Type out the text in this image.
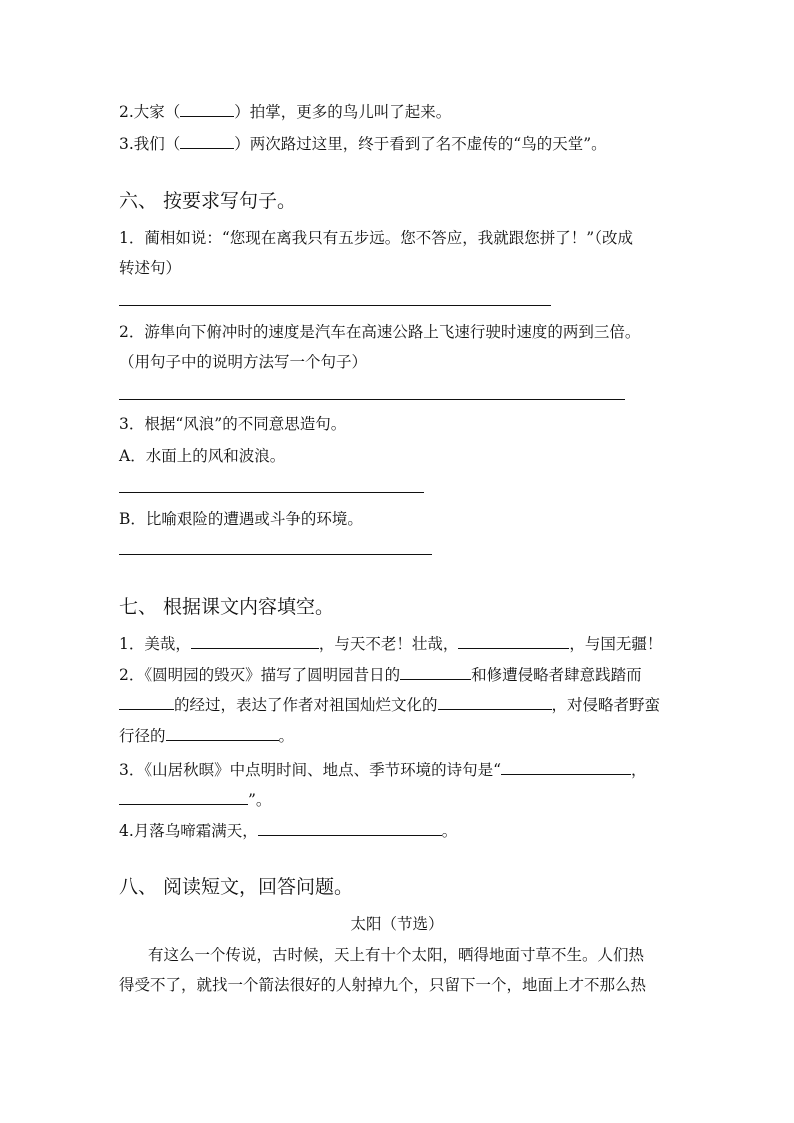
2.大家（	）拍掌，更多的鸟儿叫了起来。
3.我们（	）两次路过这里，终于看到了名不虚传的“鸟的天堂”。
六、 按要求写句子。
1．蔺相如说：“您现在离我只有五步远。您不答应，我就跟您拼了！”（改成
转述句）
2．游隼向下俯冲时的速度是汽车在高速公路上飞速行驶时速度的两到三倍。
（用句子中的说明方法写一个句子）
3．根据“风浪”的不同意思造句。
A．水面上的风和波浪。
B．比喻艰险的遭遇或斗争的环境。
七、 根据课文内容填空。
1．美哉，	，与天不老！壮哉，	，与国无疆！
2．《圆明园的毁灭》描写了圆明园昔日的	和修遭侵略者肆意践踏而
的经过，表达了作者对祖国灿烂文化的	，对侵略者野蛮
行径的	。
3．《山居秋暝》中点明时间、地点、季节环境的诗句是“	，
”。
4.月落乌啼霜满天，	。
八、 阅读短文，回答问题。
太阳（节选）
有这么一个传说，古时候，天上有十个太阳，晒得地面寸草不生。人们热
得受不了，就找一个箭法很好的人射掉九个，只留下一个，地面上才不那么热
